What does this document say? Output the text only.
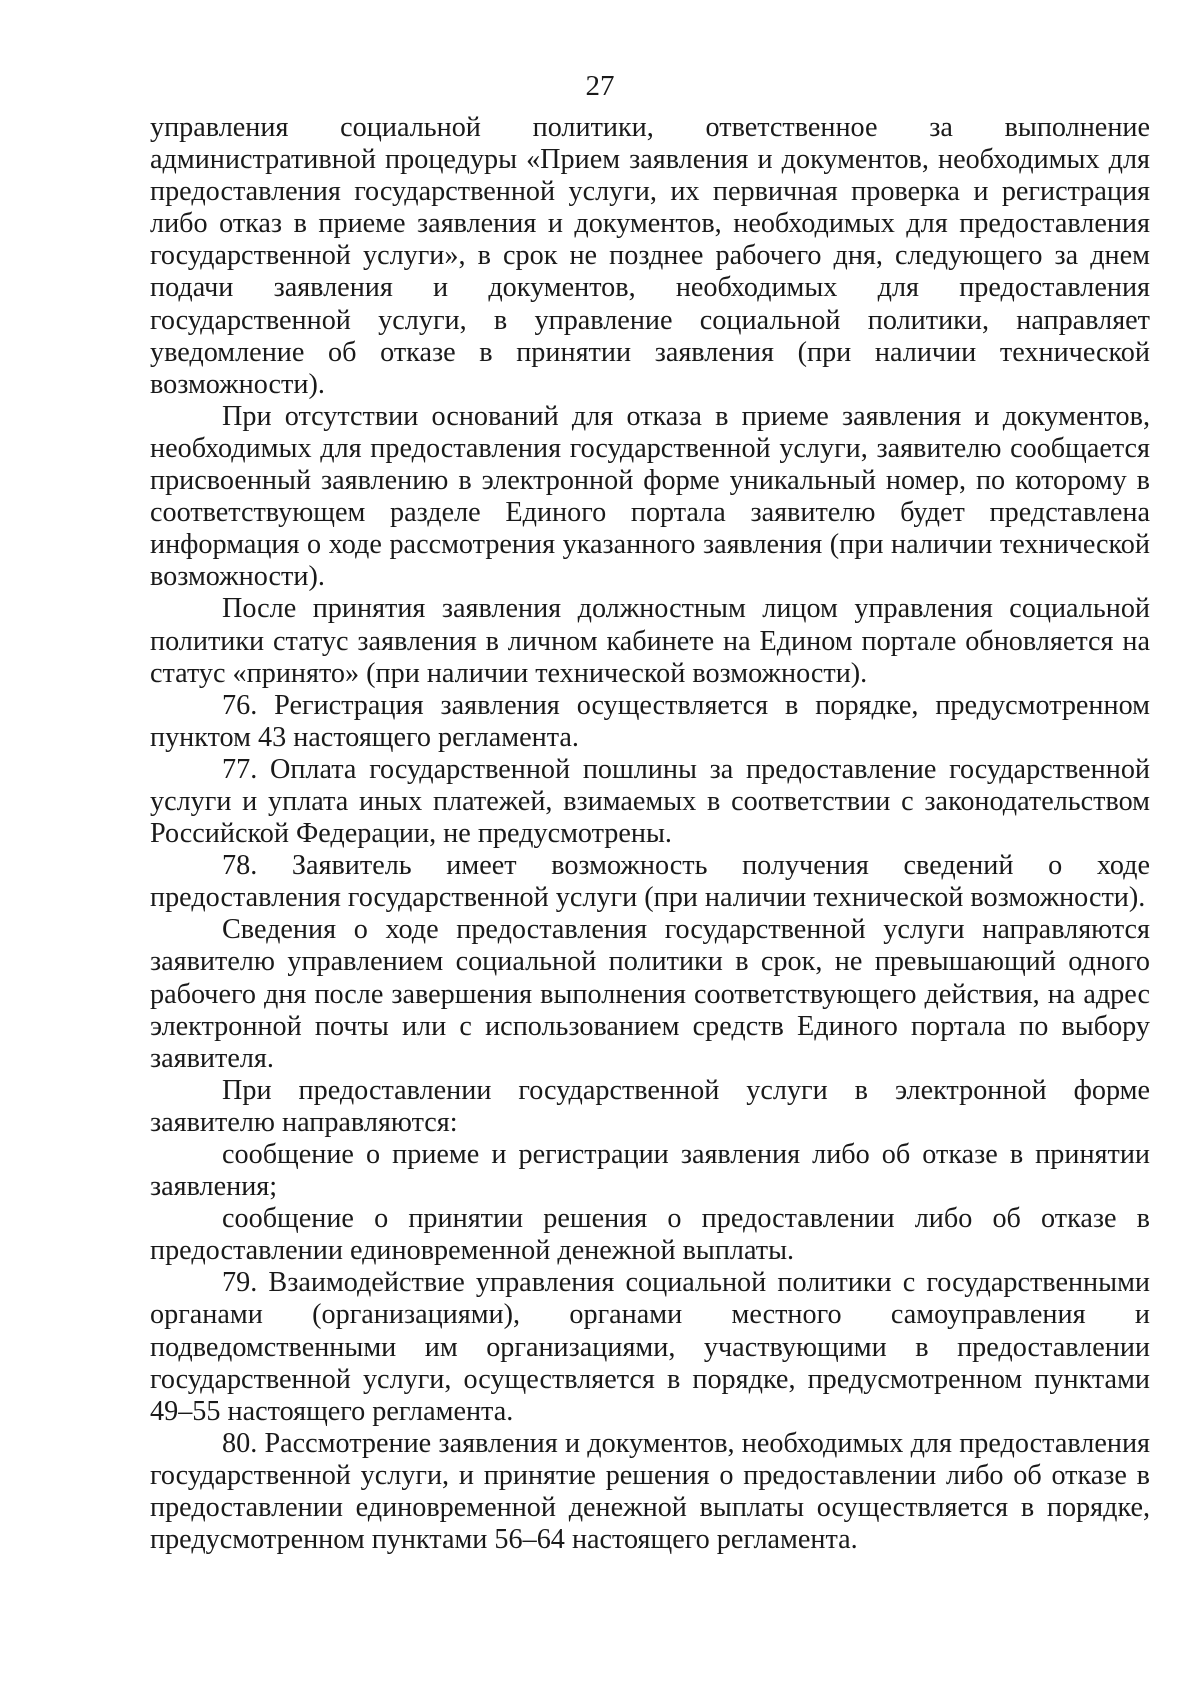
27

управления социальной политики, ответственное за выполнение административной процедуры «Прием заявления и документов, необходимых для предоставления государственной услуги, их первичная проверка и регистрация либо отказ в приеме заявления и документов, необходимых для предоставления государственной услуги», в срок не позднее рабочего дня, следующего за днем подачи заявления и документов, необходимых для предоставления государственной услуги, в управление социальной политики, направляет уведомление об отказе в принятии заявления (при наличии технической возможности).

При отсутствии оснований для отказа в приеме заявления и документов, необходимых для предоставления государственной услуги, заявителю сообщается присвоенный заявлению в электронной форме уникальный номер, по которому в соответствующем разделе Единого портала заявителю будет представлена информация о ходе рассмотрения указанного заявления (при наличии технической возможности).

После принятия заявления должностным лицом управления социальной политики статус заявления в личном кабинете на Едином портале обновляется на статус «принято» (при наличии технической возможности).

76. Регистрация заявления осуществляется в порядке, предусмотренном пунктом 43 настоящего регламента.

77. Оплата государственной пошлины за предоставление государственной услуги и уплата иных платежей, взимаемых в соответствии с законодательством Российской Федерации, не предусмотрены.

78. Заявитель имеет возможность получения сведений о ходе предоставления государственной услуги (при наличии технической возможности).

Сведения о ходе предоставления государственной услуги направляются заявителю управлением социальной политики в срок, не превышающий одного рабочего дня после завершения выполнения соответствующего действия, на адрес электронной почты или с использованием средств Единого портала по выбору заявителя.

При предоставлении государственной услуги в электронной форме заявителю направляются:

сообщение о приеме и регистрации заявления либо об отказе в принятии заявления;

сообщение о принятии решения о предоставлении либо об отказе в предоставлении единовременной денежной выплаты.

79. Взаимодействие управления социальной политики с государственными органами (организациями), органами местного самоуправления и подведомственными им организациями, участвующими в предоставлении государственной услуги, осуществляется в порядке, предусмотренном пунктами 49–55 настоящего регламента.

80. Рассмотрение заявления и документов, необходимых для предоставления государственной услуги, и принятие решения о предоставлении либо об отказе в предоставлении единовременной денежной выплаты осуществляется в порядке, предусмотренном пунктами 56–64 настоящего регламента.
